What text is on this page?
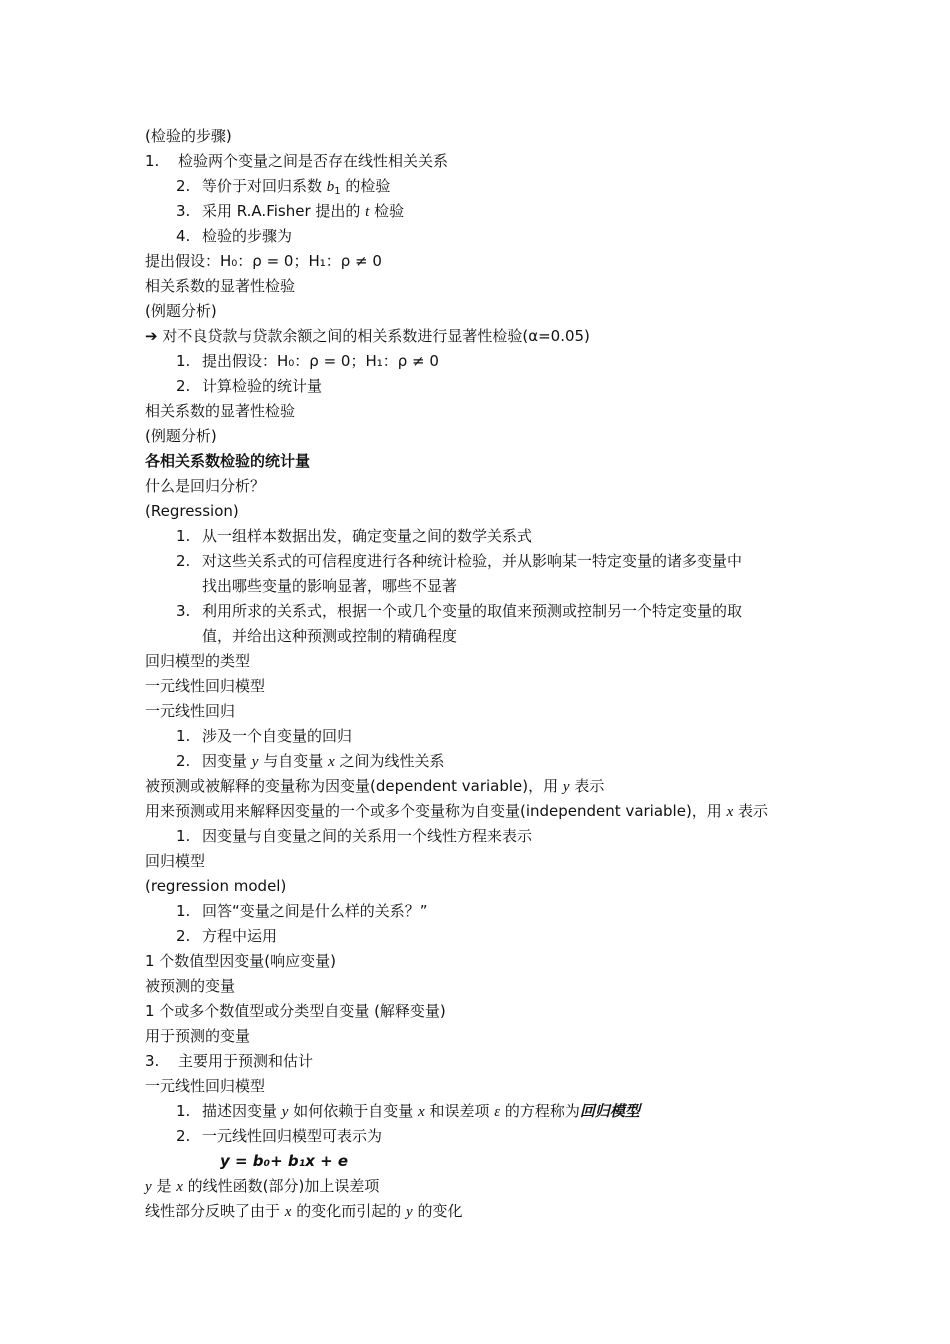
(检验的步骤)
1. 检验两个变量之间是否存在线性相关关系
2. 等价于对回归系数 $b_1$ 的检验
3. 采用 R.A.Fisher 提出的 t 检验
4. 检验的步骤为
提出假设：H₀：ρ = 0；H₁：ρ ≠ 0
相关系数的显著性检验
(例题分析)
➔ 对不良贷款与贷款余额之间的相关系数进行显著性检验(α=0.05)
1. 提出假设：H₀：ρ = 0；H₁：ρ ≠ 0
2. 计算检验的统计量
相关系数的显著性检验
(例题分析)
各相关系数检验的统计量
什么是回归分析？
(Regression)
1. 从一组样本数据出发，确定变量之间的数学关系式
2. 对这些关系式的可信程度进行各种统计检验，并从影响某一特定变量的诸多变量中
找出哪些变量的影响显著，哪些不显著
3. 利用所求的关系式，根据一个或几个变量的取值来预测或控制另一个特定变量的取
值，并给出这种预测或控制的精确程度
回归模型的类型
一元线性回归模型
一元线性回归
1. 涉及一个自变量的回归
2. 因变量 y 与自变量 x 之间为线性关系
被预测或被解释的变量称为因变量(dependent variable)，用 y 表示
用来预测或用来解释因变量的一个或多个变量称为自变量(independent variable)，用 x 表示
1. 因变量与自变量之间的关系用一个线性方程来表示
回归模型
(regression model)
1. 回答“变量之间是什么样的关系？”
2. 方程中运用
1 个数值型因变量(响应变量)
被预测的变量
1 个或多个数值型或分类型自变量 (解释变量)
用于预测的变量
3. 主要用于预测和估计
一元线性回归模型
1. 描述因变量 y 如何依赖于自变量 x 和误差项 ε 的方程称为回归模型
2. 一元线性回归模型可表示为
y = b₀+ b₁x + e
y 是 x 的线性函数(部分)加上误差项
线性部分反映了由于 x 的变化而引起的 y 的变化
